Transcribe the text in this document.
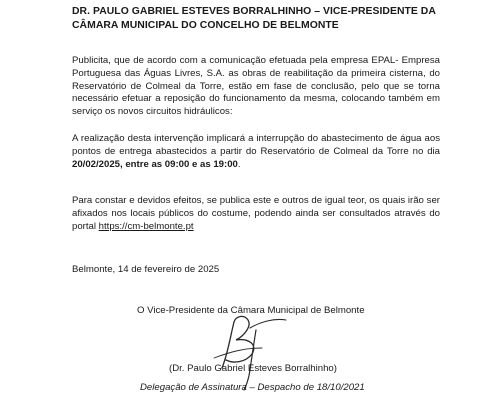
DR. PAULO GABRIEL ESTEVES BORRALHINHO – VICE-PRESIDENTE DA CÂMARA MUNICIPAL DO CONCELHO DE BELMONTE
Publicita, que de acordo com a comunicação efetuada pela empresa EPAL- Empresa Portuguesa das Águas Livres, S.A. as obras de reabilitação da primeira cisterna, do Reservatório de Colmeal da Torre, estão em fase de conclusão, pelo que se torna necessário efetuar a reposição do funcionamento da mesma, colocando também em serviço os novos circuitos hidráulicos:
A realização desta intervenção implicará a interrupção do abastecimento de água aos pontos de entrega abastecidos a partir do Reservatório de Colmeal da Torre no dia 20/02/2025, entre as 09:00 e as 19:00.
Para constar e devidos efeitos, se publica este e outros de igual teor, os quais irão ser afixados nos locais públicos do costume, podendo ainda ser consultados através do portal https://cm-belmonte.pt
Belmonte, 14 de fevereiro de 2025
O Vice-Presidente da Câmara Municipal de Belmonte
(Dr. Paulo Gabriel Esteves Borralhinho)
Delegação de Assinatura – Despacho de 18/10/2021
